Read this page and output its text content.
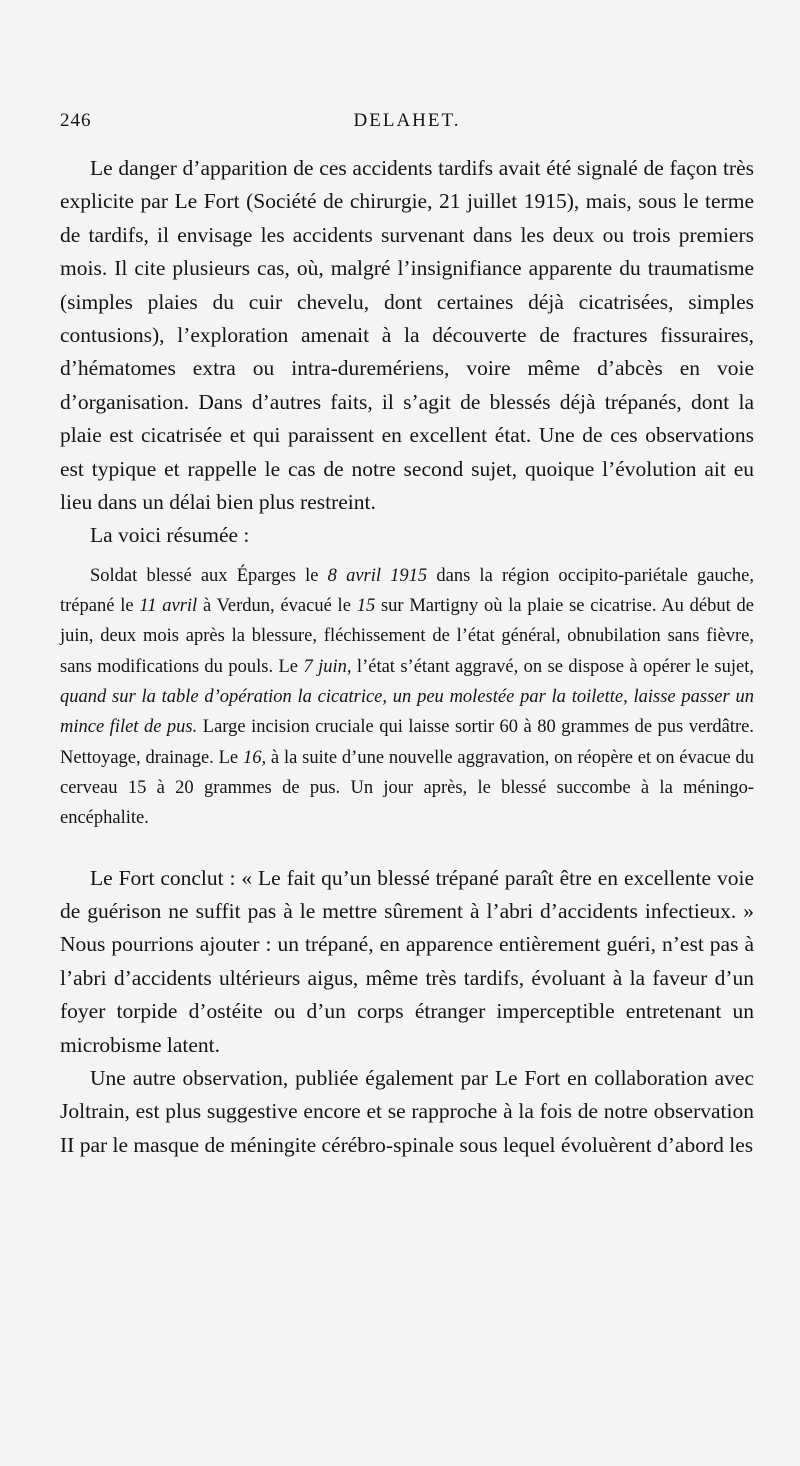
246	DELAHET.

Le danger d’apparition de ces accidents tardifs avait été signalé de façon très explicite par Le Fort (Société de chirurgie, 21 juillet 1915), mais, sous le terme de tardifs, il envisage les accidents survenant dans les deux ou trois premiers mois. Il cite plusieurs cas, où, malgré l’insignifiance apparente du traumatisme (simples plaies du cuir chevelu, dont certaines déjà cicatrisées, simples contusions), l’exploration amenait à la découverte de fractures fissuraires, d’hématomes extra ou intra-duremériens, voire même d’abcès en voie d’organisation. Dans d’autres faits, il s’agit de blessés déjà trépanés, dont la plaie est cicatrisée et qui paraissent en excellent état. Une de ces observations est typique et rappelle le cas de notre second sujet, quoique l’évolution ait eu lieu dans un délai bien plus restreint.

La voici résumée :

Soldat blessé aux Éparges le 8 avril 1915 dans la région occipito-pariétale gauche, trépané le 11 avril à Verdun, évacué le 15 sur Martigny où la plaie se cicatrise. Au début de juin, deux mois après la blessure, fléchissement de l’état général, obnubilation sans fièvre, sans modifications du pouls. Le 7 juin, l’état s’étant aggravé, on se dispose à opérer le sujet, quand sur la table d’opération la cicatrice, un peu molestée par la toilette, laisse passer un mince filet de pus. Large incision cruciale qui laisse sortir 60 à 80 grammes de pus verdâtre. Nettoyage, drainage. Le 16, à la suite d’une nouvelle aggravation, on réopère et on évacue du cerveau 15 à 20 grammes de pus. Un jour après, le blessé succombe à la méningo-encéphalite.

Le Fort conclut : « Le fait qu’un blessé trépané paraît être en excellente voie de guérison ne suffit pas à le mettre sûrement à l’abri d’accidents infectieux. » Nous pourrions ajouter : un trépané, en apparence entièrement guéri, n’est pas à l’abri d’accidents ultérieurs aigus, même très tardifs, évoluant à la faveur d’un foyer torpide d’ostéite ou d’un corps étranger imperceptible entretenant un microbisme latent.

Une autre observation, publiée également par Le Fort en collaboration avec Joltrain, est plus suggestive encore et se rapproche à la fois de notre observation II par le masque de méningite cérébro-spinale sous lequel évoluèrent d’abord les
